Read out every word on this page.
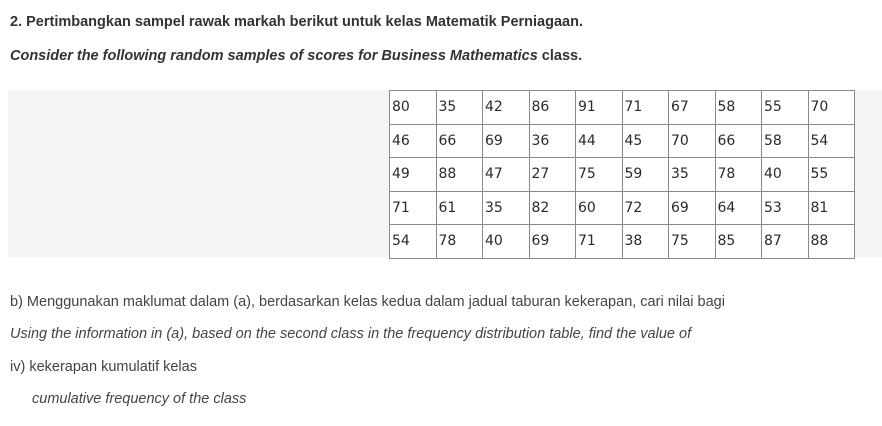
2. Pertimbangkan sampel rawak markah berikut untuk kelas Matematik Perniagaan.
Consider the following random samples of scores for Business Mathematics class.
80	35	42	86	91	71	67	58	55	70
46	66	69	36	44	45	70	66	58	54
49	88	47	27	75	59	35	78	40	55
71	61	35	82	60	72	69	64	53	81
54	78	40	69	71	38	75	85	87	88
b) Menggunakan maklumat dalam (a), berdasarkan kelas kedua dalam jadual taburan kekerapan, cari nilai bagi
Using the information in (a), based on the second class in the frequency distribution table, find the value of
iv) kekerapan kumulatif kelas
cumulative frequency of the class
